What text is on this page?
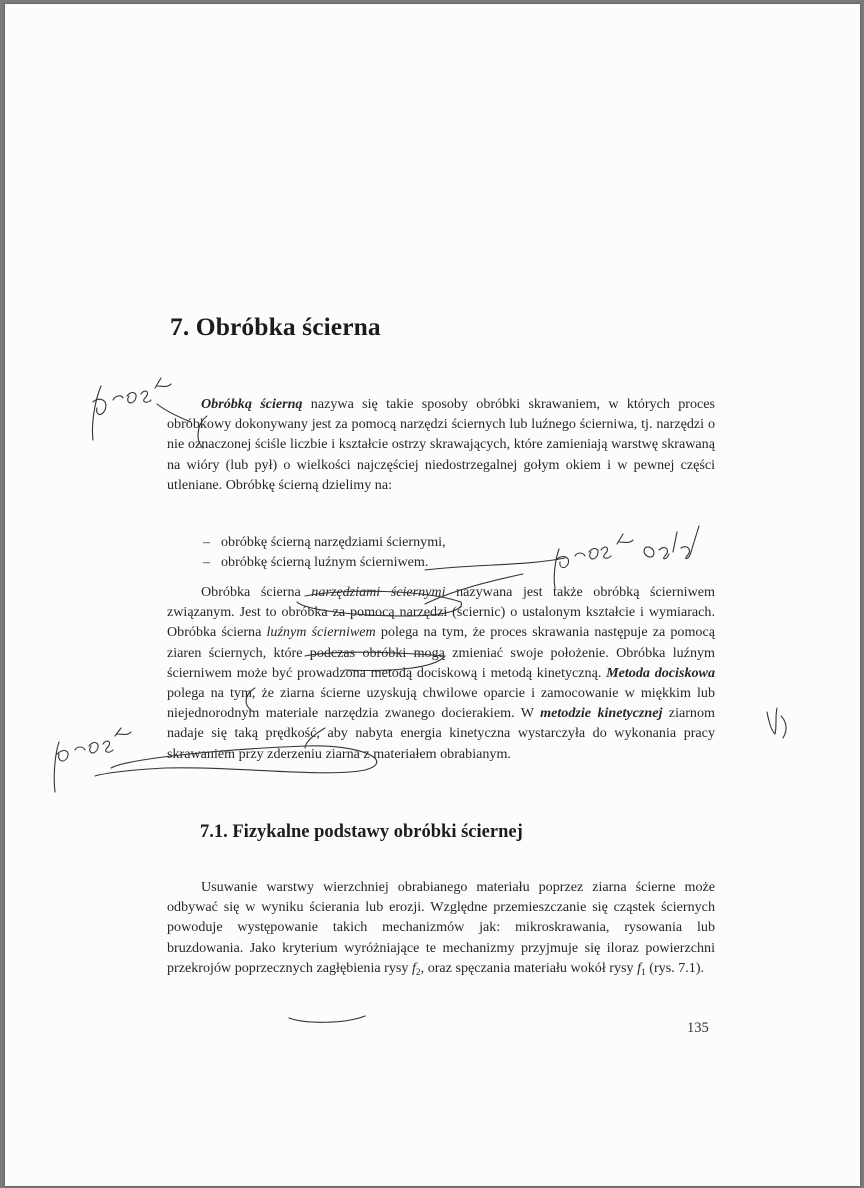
7. Obróbka ścierna

Obróbką ścierną nazywa się takie sposoby obróbki skrawaniem, w których proces obróbkowy dokonywany jest za pomocą narzędzi ściernych lub luźnego ścierniwa, tj. narzędzi o nie oznaczonej ściśle liczbie i kształcie ostrzy skrawających, które zamieniają warstwę skrawaną na wióry (lub pył) o wielkości najczęściej niedostrzegalnej gołym okiem i w pewnej części utleniane. Obróbkę ścierną dzielimy na:

– obróbkę ścierną narzędziami ściernymi,
– obróbkę ścierną luźnym ścierniwem.

Obróbka ścierna narzędziami ściernymi nazywana jest także obróbką ścierniwem związanym. Jest to obróbka za pomocą narzędzi (ściernic) o ustalonym kształcie i wymiarach. Obróbka ścierna luźnym ścierniwem polega na tym, że proces skrawania następuje za pomocą ziaren ściernych, które podczas obróbki mogą zmieniać swoje położenie. Obróbka luźnym ścierniwem może być prowadzona metodą dociskową i metodą kinetyczną. Metoda dociskowa polega na tym, że ziarna ścierne uzyskują chwilowe oparcie i zamocowanie w miękkim lub niejednorodnym materiale narzędzia zwanego docierakiem. W metodzie kinetycznej ziarnom nadaje się taką prędkość, aby nabyta energia kinetyczna wystarczyła do wykonania pracy skrawaniem przy zderzeniu ziarna z materiałem obrabianym.

7.1. Fizykalne podstawy obróbki ściernej

Usuwanie warstwy wierzchniej obrabianego materiału poprzez ziarna ścierne może odbywać się w wyniku ścierania lub erozji. Względne przemieszczanie się cząstek ściernych powoduje występowanie takich mechanizmów jak: mikroskrawania, rysowania lub bruzdowania. Jako kryterium wyróżniające te mechanizmy przyjmuje się iloraz powierzchni przekrojów poprzecznych zagłębienia rysy $f_2$, oraz spęczania materiału wokół rysy $f_1$ (rys. 7.1).

135
